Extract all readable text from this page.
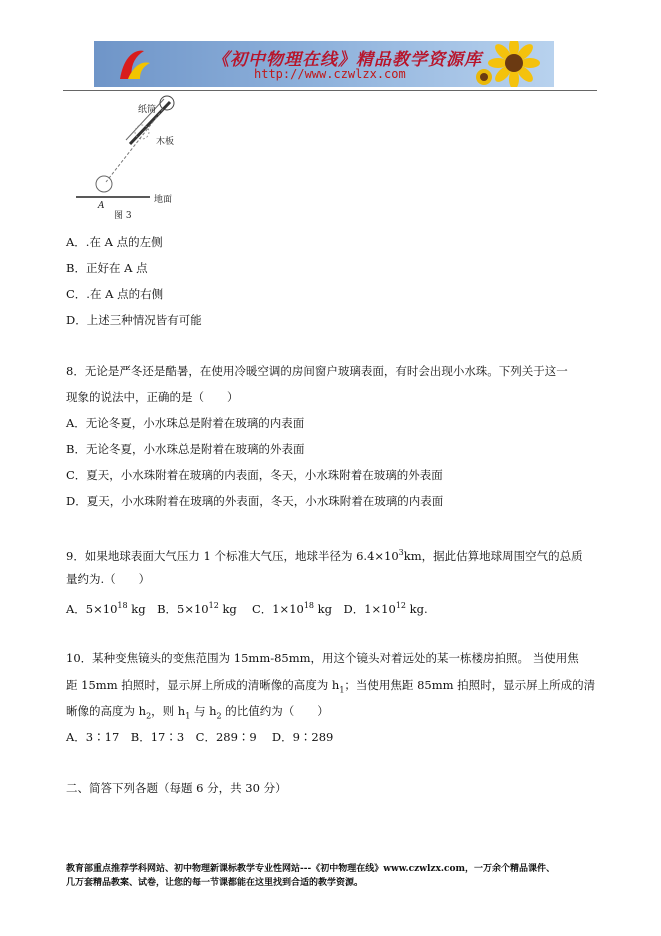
《初中物理在线》精品教学资源库
http://www.czwlzx.com
纸筒
木板
A
地面
图 3
A．.在 A 点的左侧
B．正好在 A 点
C．.在 A 点的右侧
D．上述三种情况皆有可能
8．无论是严冬还是酷暑，在使用冷暖空调的房间窗户玻璃表面，有时会出现小水珠。下列关于这一
现象的说法中，正确的是（　　）
A．无论冬夏，小水珠总是附着在玻璃的内表面
B．无论冬夏，小水珠总是附着在玻璃的外表面
C．夏天，小水珠附着在玻璃的内表面，冬天，小水珠附着在玻璃的外表面
D．夏天，小水珠附着在玻璃的外表面，冬天，小水珠附着在玻璃的内表面
9．如果地球表面大气压力 1 个标准大气压，地球半径为 $6.4\times 10^3km$，据此估算地球周围空气的总质
量约为.（　　）
A．$5\times 10^{18}$ kg　B．$5\times 10^{12}$ kg　 C．$1\times 10^{18}$ kg　D．$1\times 10^{12}$ kg.
10．某种变焦镜头的变焦范围为 15mm-85mm，用这个镜头对着远处的某一栋楼房拍照。 当使用焦
距 15mm 拍照时，显示屏上所成的清晰像的高度为 $h_1$；当使用焦距 85mm 拍照时，显示屏上所成的清
晰像的高度为 $h_2$，则 $h_1$ 与 $h_2$ 的比值约为（　　）
A．3∶17　B．17∶3　C．289∶9　 D．9∶289
二、简答下列各题（每题 6 分，共 30 分）
教育部重点推荐学科网站、初中物理新课标教学专业性网站---《初中物理在线》www.czwlzx.com，一万余个精品课件、
几万套精品教案、试卷，让您的每一节课都能在这里找到合适的教学资源。
